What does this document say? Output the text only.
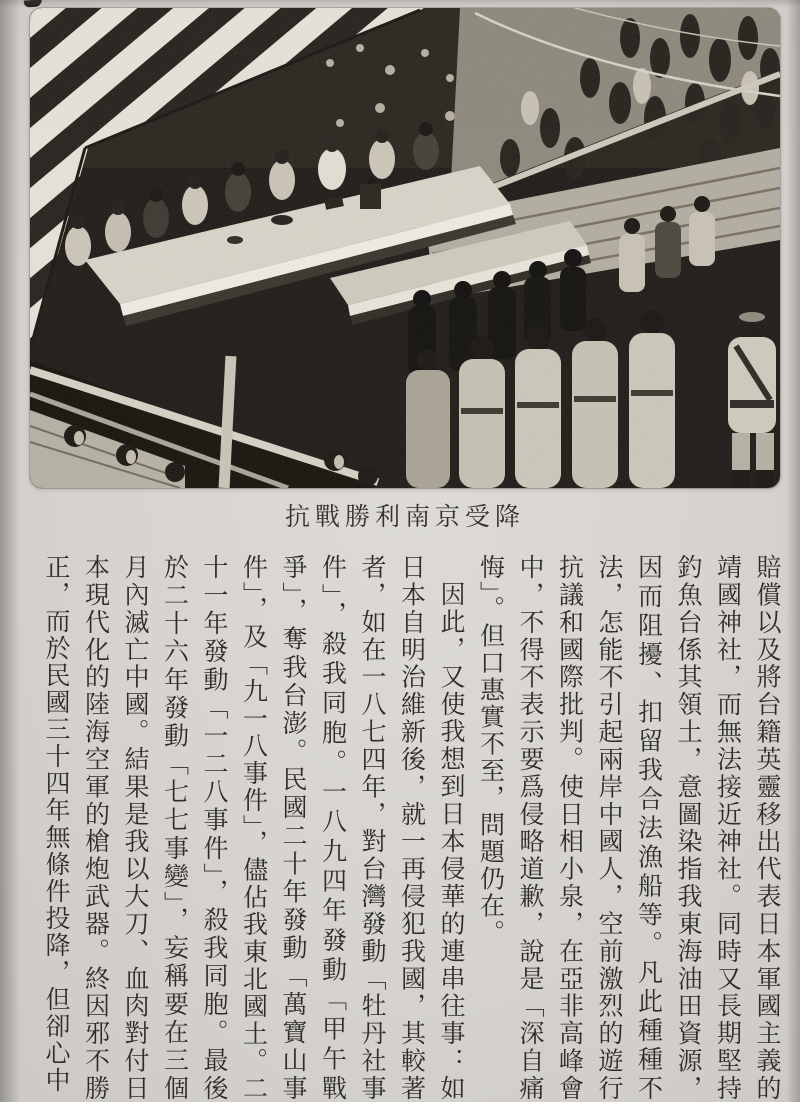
抗戰勝利南京受降

賠償以及將台籍英靈移出代表日本軍國主義的靖國神社，而無法接近神社。同時又長期堅持釣魚台係其領土，意圖染指我東海油田資源，因而阻擾、扣留我合法漁船等。凡此種種不法，怎能不引起兩岸中國人，空前激烈的遊行抗議和國際批判。使日相小泉，在亞非高峰會中，不得不表示要爲侵略道歉，說是「深自痛悔」。但口惠實不至，問題仍在。

因此，又使我想到日本侵華的連串往事：如日本自明治維新後，就一再侵犯我國，其較著者，如在一八七四年，對台灣發動「牡丹社事件」，殺我同胞。一八九四年發動「甲午戰爭」，奪我台澎。民國二十年發動「萬寶山事件」，及「九一八事件」，儘佔我東北國土。二十一年發動「一二八事件」，殺我同胞。最後於二十六年發動「七七事變」，妄稱要在三個月內滅亡中國。結果是我以大刀、血肉對付日本現代化的陸海空軍的槍炮武器。終因邪不勝正，而於民國三十四年無條件投降，但卻心中
